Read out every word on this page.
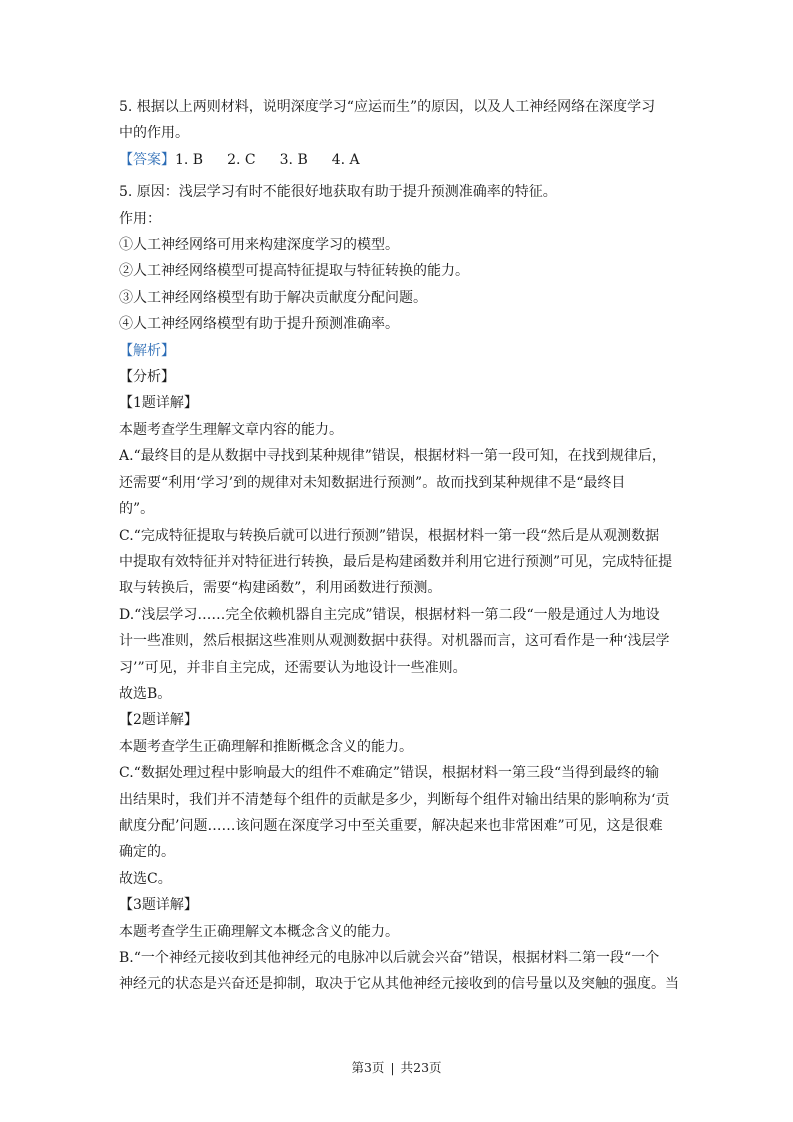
5. 根据以上两则材料，说明深度学习“应运而生”的原因，以及人工神经网络在深度学习
中的作用。
【答案】1. B 2. C 3. B 4. A
5. 原因：浅层学习有时不能很好地获取有助于提升预测准确率的特征。
作用：
①人工神经网络可用来构建深度学习的模型。
②人工神经网络模型可提高特征提取与特征转换的能力。
③人工神经网络模型有助于解决贡献度分配问题。
④人工神经网络模型有助于提升预测准确率。
【解析】
【分析】
【1题详解】
本题考查学生理解文章内容的能力。
A.“最终目的是从数据中寻找到某种规律”错误，根据材料一第一段可知，在找到规律后，
还需要“利用‘学习’到的规律对未知数据进行预测”。故而找到某种规律不是“最终目
的”。
C.“完成特征提取与转换后就可以进行预测”错误，根据材料一第一段“然后是从观测数据
中提取有效特征并对特征进行转换，最后是构建函数并利用它进行预测”可见，完成特征提
取与转换后，需要“构建函数”，利用函数进行预测。
D.“浅层学习……完全依赖机器自主完成”错误，根据材料一第二段“一般是通过人为地设
计一些准则，然后根据这些准则从观测数据中获得。对机器而言，这可看作是一种‘浅层学
习’”可见，并非自主完成，还需要认为地设计一些准则。
故选B。
【2题详解】
本题考查学生正确理解和推断概念含义的能力。
C.“数据处理过程中影响最大的组件不难确定”错误，根据材料一第三段“当得到最终的输
出结果时，我们并不清楚每个组件的贡献是多少，判断每个组件对输出结果的影响称为‘贡
献度分配’问题……该问题在深度学习中至关重要，解决起来也非常困难”可见，这是很难
确定的。
故选C。
【3题详解】
本题考查学生正确理解文本概念含义的能力。
B.“一个神经元接收到其他神经元的电脉冲以后就会兴奋”错误，根据材料二第一段“一个
神经元的状态是兴奋还是抑制，取决于它从其他神经元接收到的信号量以及突触的强度。当
第3页 | 共23页
